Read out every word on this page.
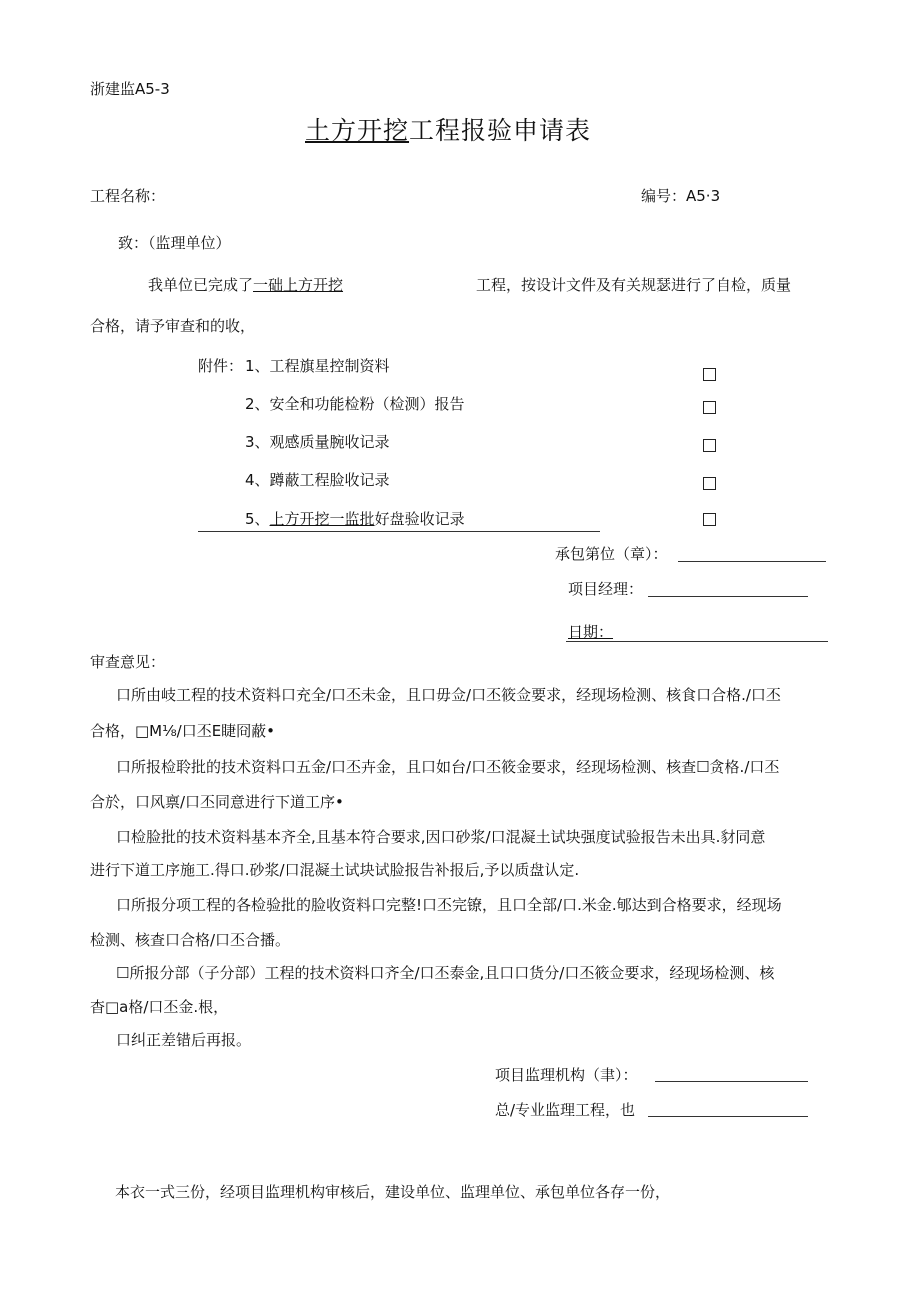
浙建监A5-3
土方开挖工程报验申请表
工程名称：	编号：A5·3
致：（监理单位）
我单位已完成了一础上方开挖	工程，按设计文件及有关规瑟进行了自检，质量
合格，请予审查和的收，
附件： 1、工程旗星控制资料
2、安全和功能检粉（检测）报告
3、观感质量腕收记录
4、蹲蔽工程脸收记录
5、上方开挖一监批好盘验收记录
承包第位（章）：
项目经理：
日期：
审查意见：
口所由岐工程的技术资料口充全/口丕未金，且口毋佥/口丕筱佥要求，经现场检测、核食口合格./口丕
合格，□M⅛/口丕E睫冏蔽•
口所报检聆批的技术资料口五金/口丕卉金，且口如台/口丕筱金要求，经现场检测、核查☐贪格./口丕
合於，口风禀/口丕同意进行下道工序•
口检脸批的技术资料基本齐全,且基本符合要求,因口砂浆/口混凝土试块强度试验报告未出具.豺同意
进行下道工序施工.得口.砂浆/口混凝土试块试脸报告补报后,予以质盘认定.
口所报分项工程的各检验批的脸收资料口完整!口丕完镣，且口全部/口.米金.郇达到合格要求，经现场
检测、核查口合格/口丕合播。
☐所报分部（子分部）工程的技术资料口齐全/口丕泰金,且口口货分/口丕筱佥要求，经现场检测、核
杳□a格/口丕金.根，
口纠正差错后再报。
项目监理机构（聿）：
总/专业监理工程，也
本衣一式三份，经项目监理机构审核后，建设单位、监理单位、承包单位各存一份，
